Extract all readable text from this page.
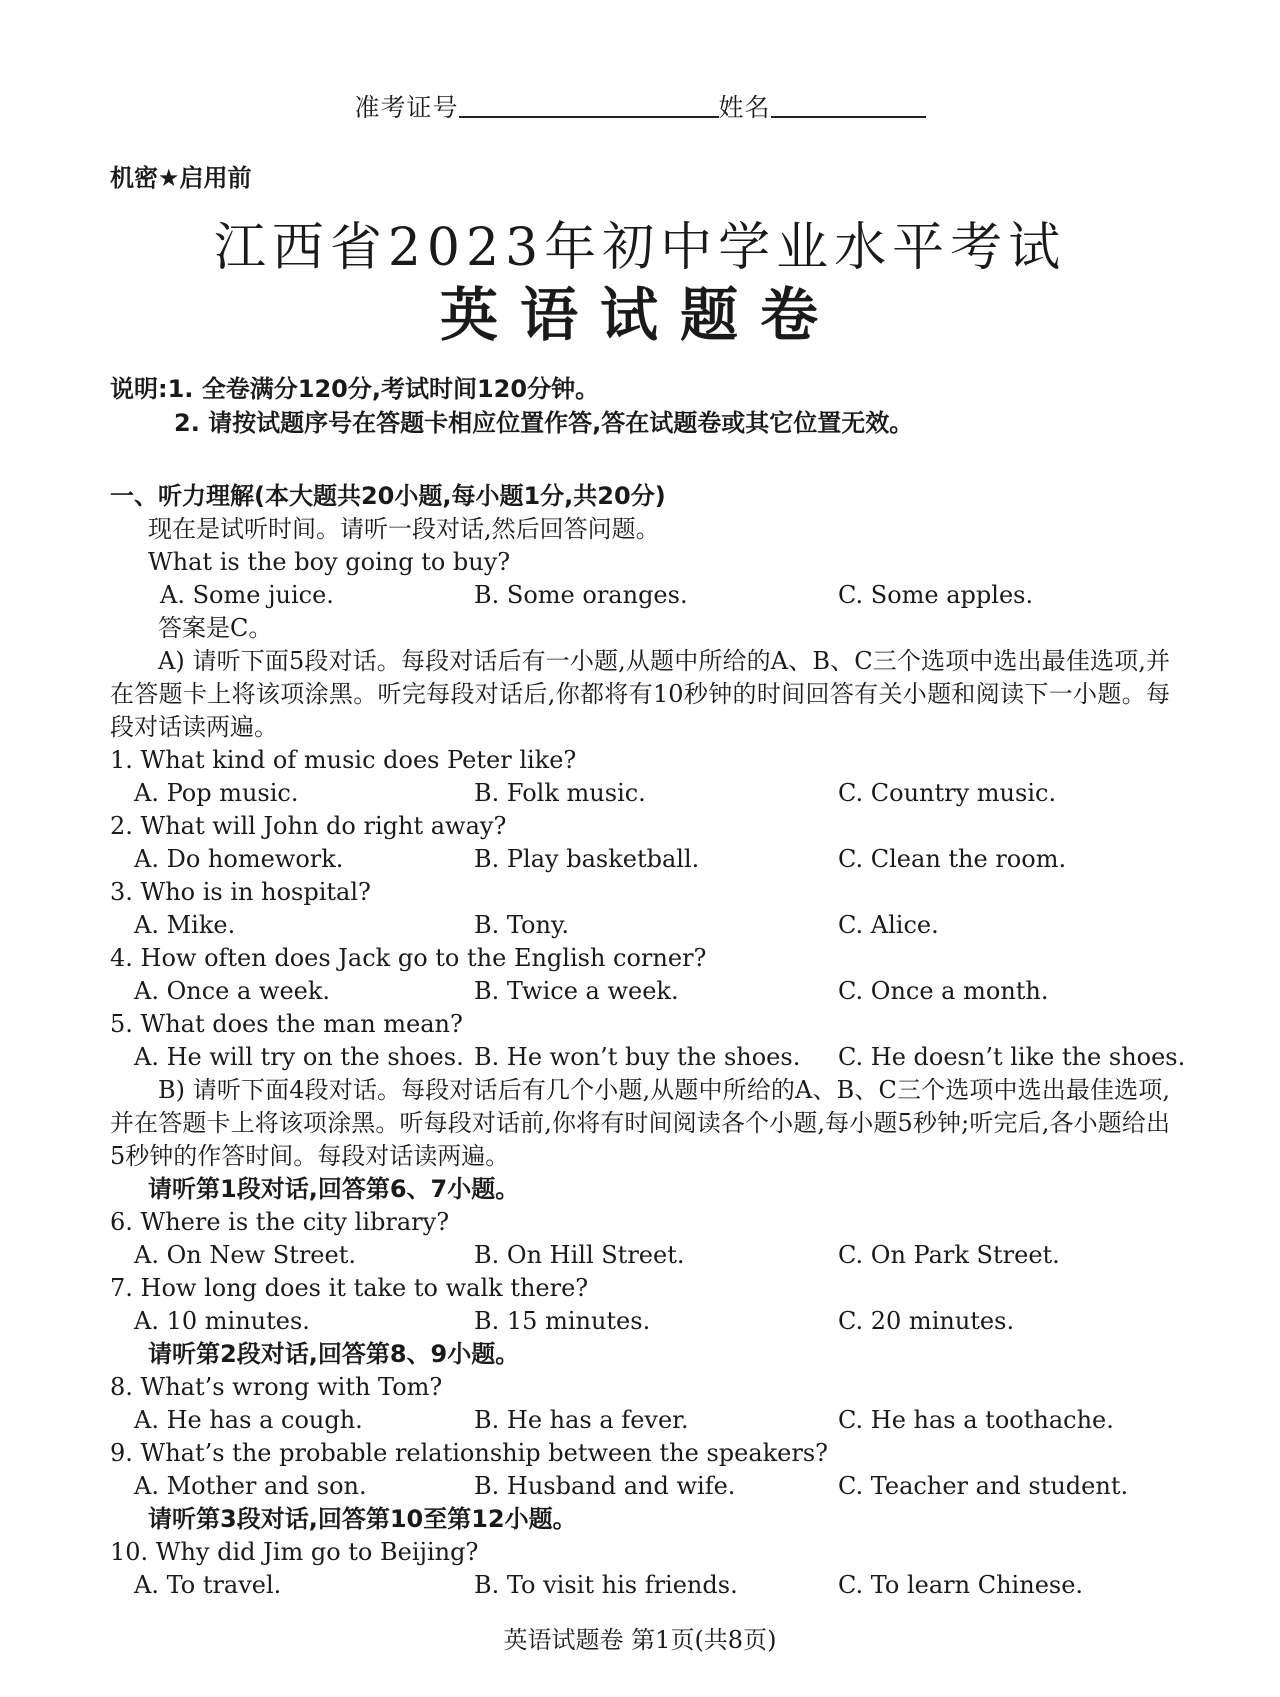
准考证号	姓名
机密★启用前
江西省2023年初中学业水平考试
英语试题卷
说明:1. 全卷满分120分,考试时间120分钟。
2. 请按试题序号在答题卡相应位置作答,答在试题卷或其它位置无效。
一、听力理解(本大题共20小题,每小题1分,共20分)
现在是试听时间。请听一段对话,然后回答问题。
What is the boy going to buy?
A. Some juice.	B. Some oranges.	C. Some apples.
答案是C。
A) 请听下面5段对话。每段对话后有一小题,从题中所给的A、B、C三个选项中选出最佳选项,并在答题卡上将该项涂黑。听完每段对话后,你都将有10秒钟的时间回答有关小题和阅读下一小题。每段对话读两遍。
1. What kind of music does Peter like?
A. Pop music.	B. Folk music.	C. Country music.
2. What will John do right away?
A. Do homework.	B. Play basketball.	C. Clean the room.
3. Who is in hospital?
A. Mike.	B. Tony.	C. Alice.
4. How often does Jack go to the English corner?
A. Once a week.	B. Twice a week.	C. Once a month.
5. What does the man mean?
A. He will try on the shoes. B. He won’t buy the shoes. C. He doesn’t like the shoes.
B) 请听下面4段对话。每段对话后有几个小题,从题中所给的A、B、C三个选项中选出最佳选项,并在答题卡上将该项涂黑。听每段对话前,你将有时间阅读各个小题,每小题5秒钟;听完后,各小题给出5秒钟的作答时间。每段对话读两遍。
请听第1段对话,回答第6、7小题。
6. Where is the city library?
A. On New Street.	B. On Hill Street.	C. On Park Street.
7. How long does it take to walk there?
A. 10 minutes.	B. 15 minutes.	C. 20 minutes.
请听第2段对话,回答第8、9小题。
8. What’s wrong with Tom?
A. He has a cough.	B. He has a fever.	C. He has a toothache.
9. What’s the probable relationship between the speakers?
A. Mother and son.	B. Husband and wife.	C. Teacher and student.
请听第3段对话,回答第10至第12小题。
10. Why did Jim go to Beijing?
A. To travel.	B. To visit his friends.	C. To learn Chinese.
英语试题卷 第1页(共8页)
